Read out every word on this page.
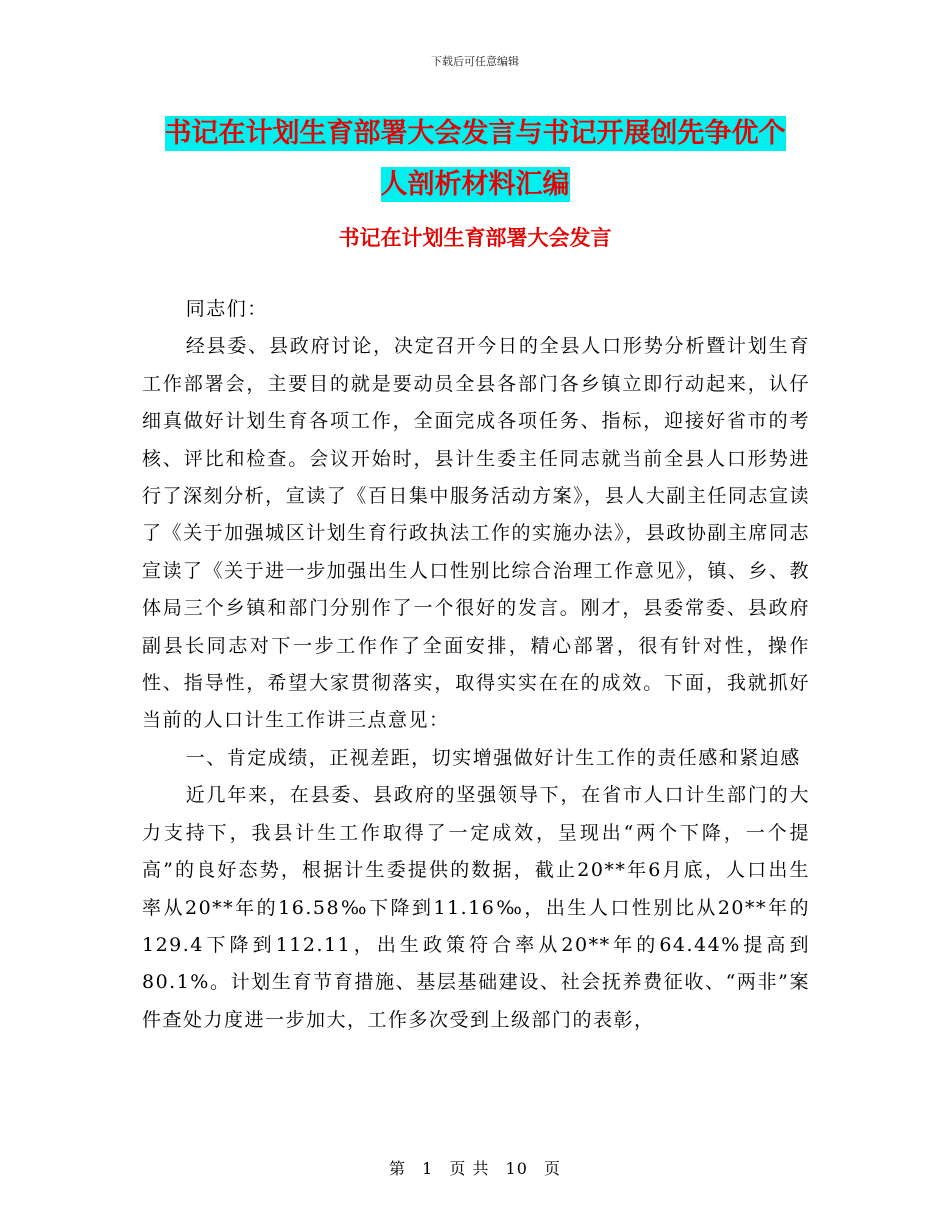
下载后可任意编辑
书记在计划生育部署大会发言与书记开展创先争优个
人剖析材料汇编
书记在计划生育部署大会发言

同志们：

经县委、县政府讨论，决定召开今日的全县人口形势分析暨计划生育工作部署会，主要目的就是要动员全县各部门各乡镇立即行动起来，认仔细真做好计划生育各项工作，全面完成各项任务、指标，迎接好省市的考核、评比和检查。会议开始时，县计生委主任同志就当前全县人口形势进行了深刻分析，宣读了《百日集中服务活动方案》，县人大副主任同志宣读了《关于加强城区计划生育行政执法工作的实施办法》，县政协副主席同志宣读了《关于进一步加强出生人口性别比综合治理工作意见》，镇、乡、教体局三个乡镇和部门分别作了一个很好的发言。刚才，县委常委、县政府副县长同志对下一步工作作了全面安排，精心部署，很有针对性，操作性、指导性，希望大家贯彻落实，取得实实在在的成效。下面，我就抓好当前的人口计生工作讲三点意见：

一、肯定成绩，正视差距，切实增强做好计生工作的责任感和紧迫感

近几年来，在县委、县政府的坚强领导下，在省市人口计生部门的大力支持下，我县计生工作取得了一定成效，呈现出“两个下降，一个提高”的良好态势，根据计生委提供的数据，截止20**年6月底，人口出生率从20**年的16.58‰下降到11.16‰，出生人口性别比从20**年的129.4下降到112.11，出生政策符合率从20**年的64.44%提高到80.1%。计划生育节育措施、基层基础建设、社会抚养费征收、“两非”案件查处力度进一步加大，工作多次受到上级部门的表彰，

第 1 页 共 10 页
